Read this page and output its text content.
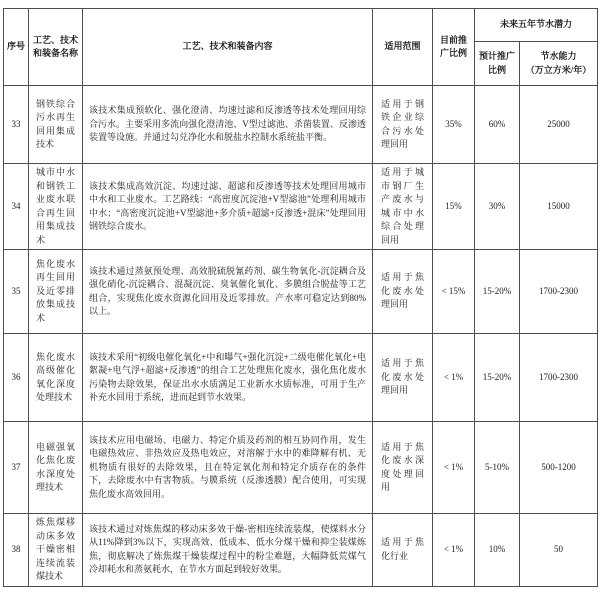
序号	工艺、技术和装备名称	工艺、技术和装备内容	适用范围	目前推广比例	未来五年节水潜力	
					预计推广比例	节水能力
（万立方米/年）

33	钢铁综合污水再生回用集成技术	该技术集成预软化、强化澄清、均速过滤和反渗透等技术处理回用综合污水。主要采用多流向强化澄清池、V型过滤池、杀菌装置、反渗透装置等设施。并通过勾兑净化水和脱盐水控制水系统盐平衡。	适用于钢铁企业综合污水处理回用	35%	60%	25000
34	城市中水和钢铁工业废水联合再生回用集成技术	该技术集成高效沉淀、均速过滤、超滤和反渗透等技术处理回用城市中水和工业废水。工艺路线：“高密度沉淀池+V型滤池”处理利用城市中水；“高密度沉淀池+V型滤池+多介质+超滤+反渗透+混床”处理回用钢铁综合废水。	适用于城市钢厂生产废水与城市中水综合处理回用	15%	30%	15000
35	焦化废水再生回用及近零排放集成技术	该技术通过蒸氨预处理、高效脱硫脱氰药剂、碳生物氧化-沉淀耦合及强化硝化-沉淀耦合、混凝沉淀、臭氧催化氧化、多膜组合脱盐等工艺组合，实现焦化废水资源化回用及近零排放。产水率可稳定达到80%以上。	适用于焦化废水处理回用	< 15%	15-20%	1700-2300
36	焦化废水高级催化氧化深度处理技术	该技术采用“初级电催化氧化+中和曝气+强化沉淀+二级电催化氧化+电絮凝+电气浮+超滤+反渗透”的组合工艺处理焦化废水，强化焦化废水污染物去除效果，保证出水水质满足工业新水水质标准，可用于生产补充水回用于系统，进而起到节水效果。	适用于焦化废水处理回用	< 1%	15-20%	1700-2300
37	电磁强氧化焦化废水深度处理技术	该技术应用电磁场、电磁力、特定介质及药剂的相互协同作用，发生电磁热效应、非热效应及热电效应，对溶解于水中的难降解有机、无机物质有很好的去除效果，且在特定氧化剂和特定介质存在的条件下，去除废水中有害物质。与膜系统（反渗透膜）配合使用，可实现焦化废水高效回用。	适用于焦化废水深度处理回用	< 1%	5-10%	500-1200
38	炼焦煤移动床多效干燥密相连续流装煤技术	该技术通过对炼焦煤的移动床多效干燥-密相连续流装煤，使煤料水分从11%降到3%以下，实现高效、低成本、低水分煤干燥和抑尘装煤炼焦，彻底解决了炼焦煤干燥装煤过程中的粉尘难题，大幅降低荒煤气冷却耗水和蒸氨耗水，在节水方面起到较好效果。	适用于焦化行业	< 1%	10%	50
